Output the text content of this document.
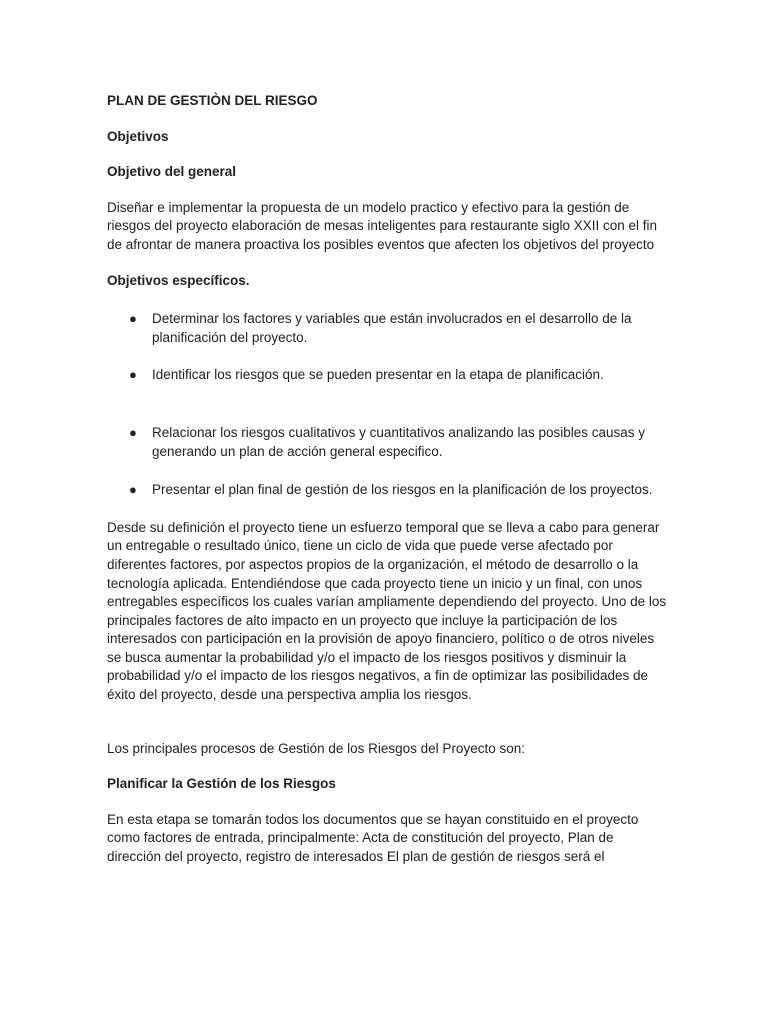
PLAN DE GESTIÒN DEL RIESGO

Objetivos

Objetivo del general

Diseñar e implementar la propuesta de un modelo practico y efectivo para la gestión de riesgos del proyecto elaboración de mesas inteligentes para restaurante siglo XXII con el fin de afrontar de manera proactiva los posibles eventos que afecten los objetivos del proyecto

Objetivos específicos.

● Determinar los factores y variables que están involucrados en el desarrollo de la planificación del proyecto.
● Identificar los riesgos que se pueden presentar en la etapa de planificación.
● Relacionar los riesgos cualitativos y cuantitativos analizando las posibles causas y generando un plan de acción general especifico.
● Presentar el plan final de gestión de los riesgos en la planificación de los proyectos.

Desde su definición el proyecto tiene un esfuerzo temporal que se lleva a cabo para generar un entregable o resultado único, tiene un ciclo de vida que puede verse afectado por diferentes factores, por aspectos propios de la organización, el método de desarrollo o la tecnología aplicada. Entendiéndose que cada proyecto tiene un inicio y un final, con unos entregables específicos los cuales varían ampliamente dependiendo del proyecto. Uno de los principales factores de alto impacto en un proyecto que incluye la participación de los interesados con participación en la provisión de apoyo financiero, político o de otros niveles se busca aumentar la probabilidad y/o el impacto de los riesgos positivos y disminuir la probabilidad y/o el impacto de los riesgos negativos, a fin de optimizar las posibilidades de éxito del proyecto, desde una perspectiva amplia los riesgos.

Los principales procesos de Gestión de los Riesgos del Proyecto son:

Planificar la Gestión de los Riesgos

En esta etapa se tomarán todos los documentos que se hayan constituido en el proyecto como factores de entrada, principalmente: Acta de constitución del proyecto, Plan de dirección del proyecto, registro de interesados El plan de gestión de riesgos será el
